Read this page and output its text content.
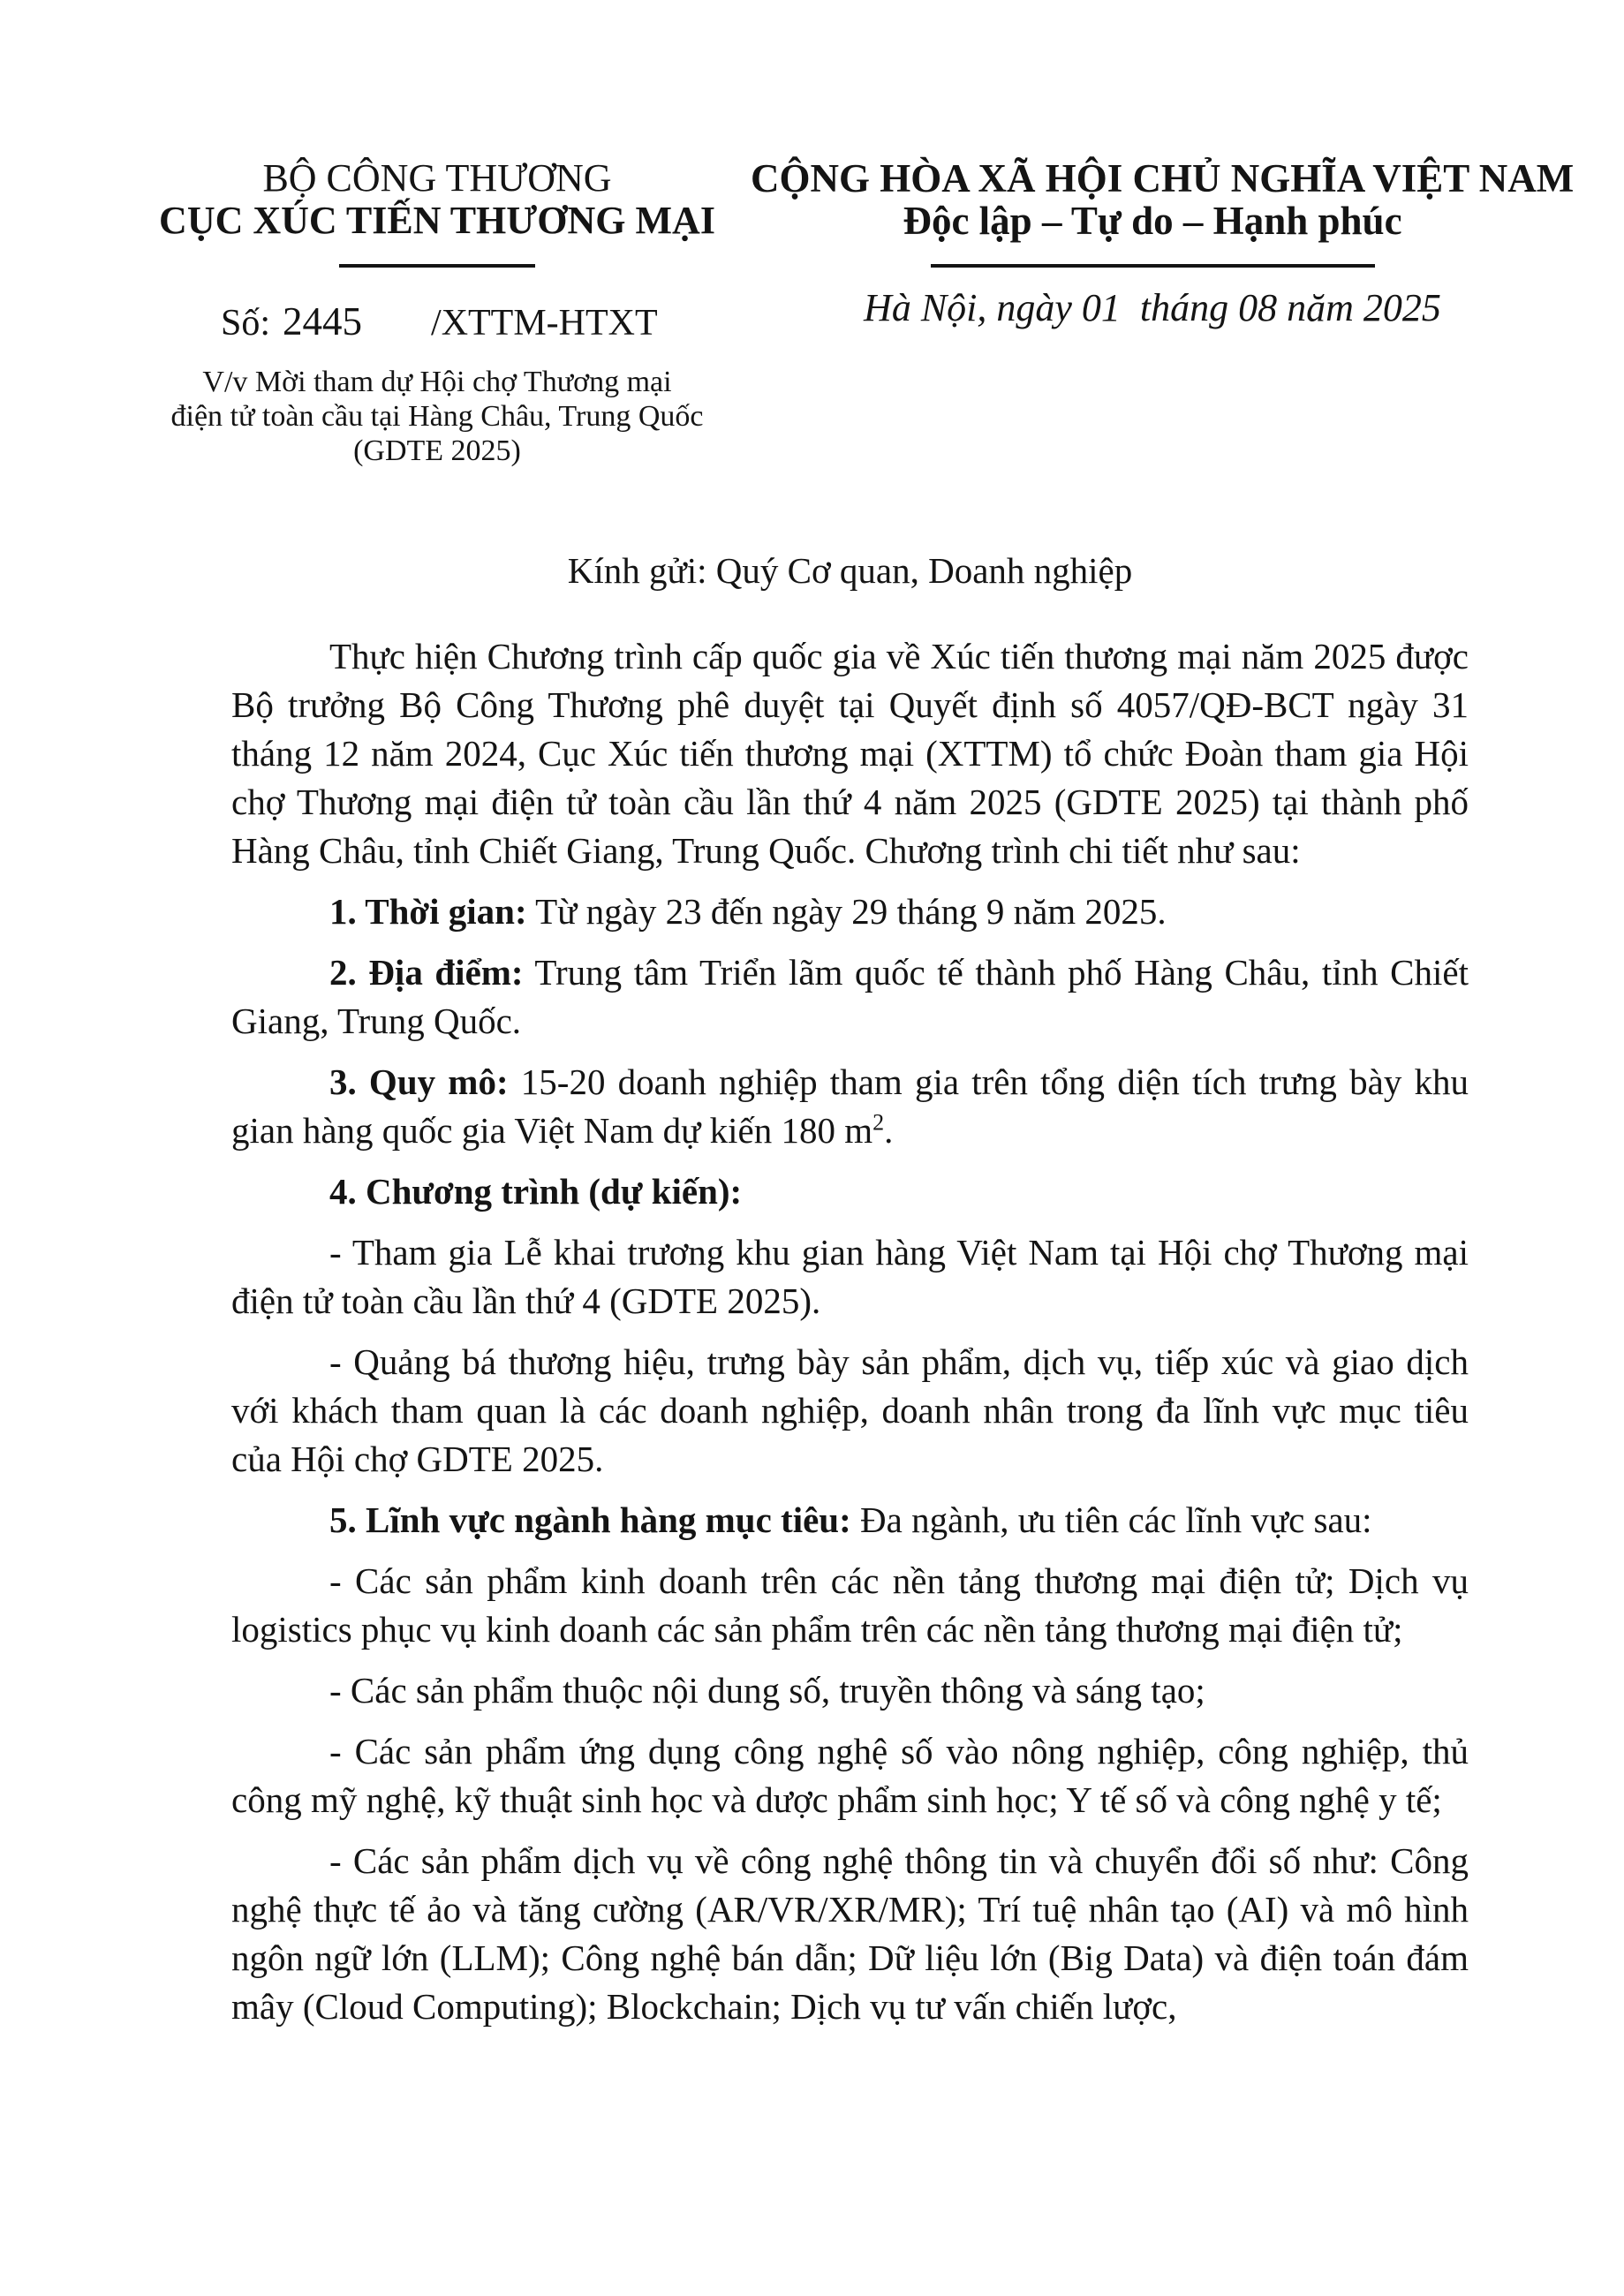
BỘ CÔNG THƯƠNG
CỤC XÚC TIẾN THƯƠNG MẠI
Số: 2445 /XTTM-HTXT
V/v Mời tham dự Hội chợ Thương mại
điện tử toàn cầu tại Hàng Châu, Trung Quốc
(GDTE 2025)
CỘNG HÒA XÃ HỘI CHỦ NGHĨA VIỆT NAM
Độc lập – Tự do – Hạnh phúc
Hà Nội, ngày 01  tháng 08 năm 2025
Kính gửi: Quý Cơ quan, Doanh nghiệp

Thực hiện Chương trình cấp quốc gia về Xúc tiến thương mại năm 2025 được Bộ trưởng Bộ Công Thương phê duyệt tại Quyết định số 4057/QĐ-BCT ngày 31 tháng 12 năm 2024, Cục Xúc tiến thương mại (XTTM) tổ chức Đoàn tham gia Hội chợ Thương mại điện tử toàn cầu lần thứ 4 năm 2025 (GDTE 2025) tại thành phố Hàng Châu, tỉnh Chiết Giang, Trung Quốc. Chương trình chi tiết như sau:

1. Thời gian: Từ ngày 23 đến ngày 29 tháng 9 năm 2025.

2. Địa điểm: Trung tâm Triển lãm quốc tế thành phố Hàng Châu, tỉnh Chiết Giang, Trung Quốc.

3. Quy mô: 15-20 doanh nghiệp tham gia trên tổng diện tích trưng bày khu gian hàng quốc gia Việt Nam dự kiến 180 $m^2$.

4. Chương trình (dự kiến):

- Tham gia Lễ khai trương khu gian hàng Việt Nam tại Hội chợ Thương mại điện tử toàn cầu lần thứ 4 (GDTE 2025).

- Quảng bá thương hiệu, trưng bày sản phẩm, dịch vụ, tiếp xúc và giao dịch với khách tham quan là các doanh nghiệp, doanh nhân trong đa lĩnh vực mục tiêu của Hội chợ GDTE 2025.

5. Lĩnh vực ngành hàng mục tiêu: Đa ngành, ưu tiên các lĩnh vực sau:

- Các sản phẩm kinh doanh trên các nền tảng thương mại điện tử; Dịch vụ logistics phục vụ kinh doanh các sản phẩm trên các nền tảng thương mại điện tử;

- Các sản phẩm thuộc nội dung số, truyền thông và sáng tạo;

- Các sản phẩm ứng dụng công nghệ số vào nông nghiệp, công nghiệp, thủ công mỹ nghệ, kỹ thuật sinh học và dược phẩm sinh học; Y tế số và công nghệ y tế;

- Các sản phẩm dịch vụ về công nghệ thông tin và chuyển đổi số như: Công nghệ thực tế ảo và tăng cường (AR/VR/XR/MR); Trí tuệ nhân tạo (AI) và mô hình ngôn ngữ lớn (LLM); Công nghệ bán dẫn; Dữ liệu lớn (Big Data) và điện toán đám mây (Cloud Computing); Blockchain; Dịch vụ tư vấn chiến lược,
